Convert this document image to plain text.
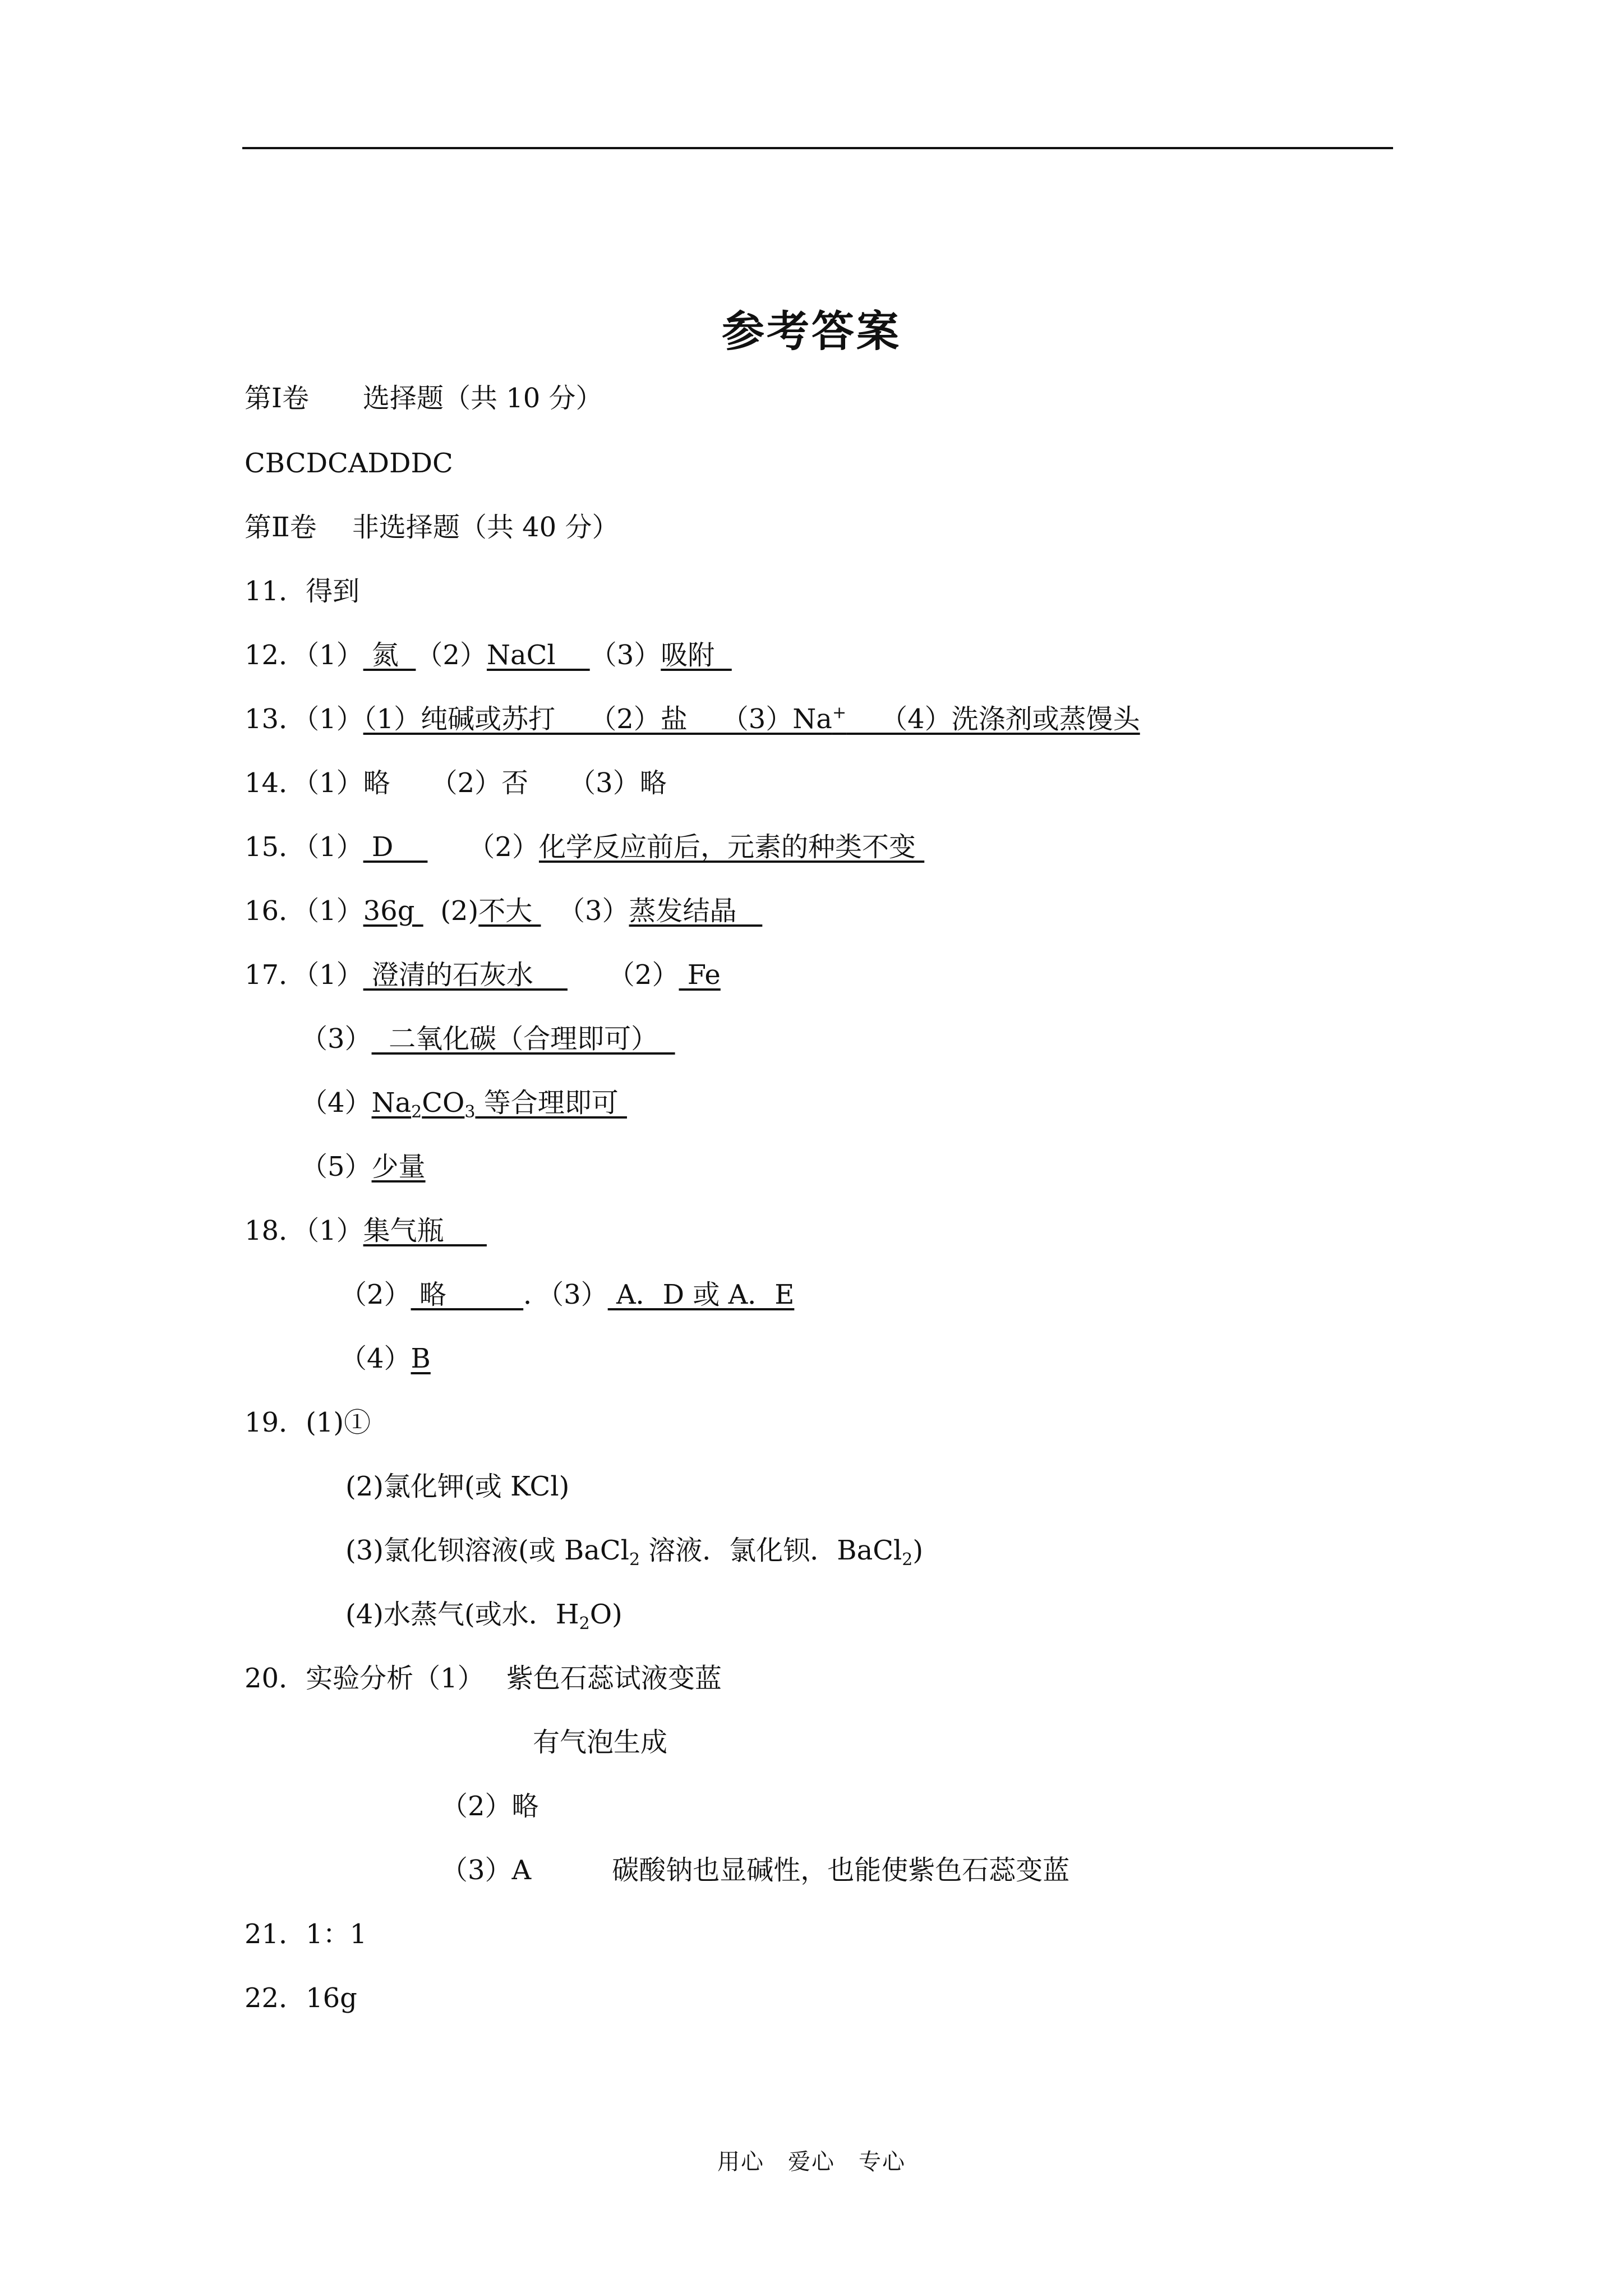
参考答案
第Ⅰ卷　　选择题（共 10 分）
CBCDCADDDC
第Ⅱ卷　 非选择题（共 40 分）
11．得到
12．（1） 氮  （2）NaCl    （3）吸附
13．（1）（1）纯碱或苏打    （2）盐    （3）Na+    （4）洗涤剂或蒸馒头
14．（1）略　　（2）否　　（3）略
15．（1） D    　　（2）化学反应前后，元素的种类不变
16．（1）36g   (2)不大   （3）蒸发结晶
17．（1） 澄清的石灰水    　　（2） Fe
（3）  二氧化碳（合理即可）
$(4)Na_2CO_3$ 等合理即可
（5）少量
18．（1）集气瓶
（2） 略         ．（3） A．D 或 A．E
（4）B
19．(1)①
(2)氯化钾(或 KCl)
(3)氯化钡溶液(或 BaCl$_2$ 溶液．氯化钡．BaCl$_2$)
(4)水蒸气(或水．$H_2O$)
20．实验分析（1）　 紫色石蕊试液变蓝
有气泡生成
（2）略
（3）A　　　碳酸钠也显碱性，也能使紫色石蕊变蓝
21．1：1
22．16g
用心　爱心　专心
